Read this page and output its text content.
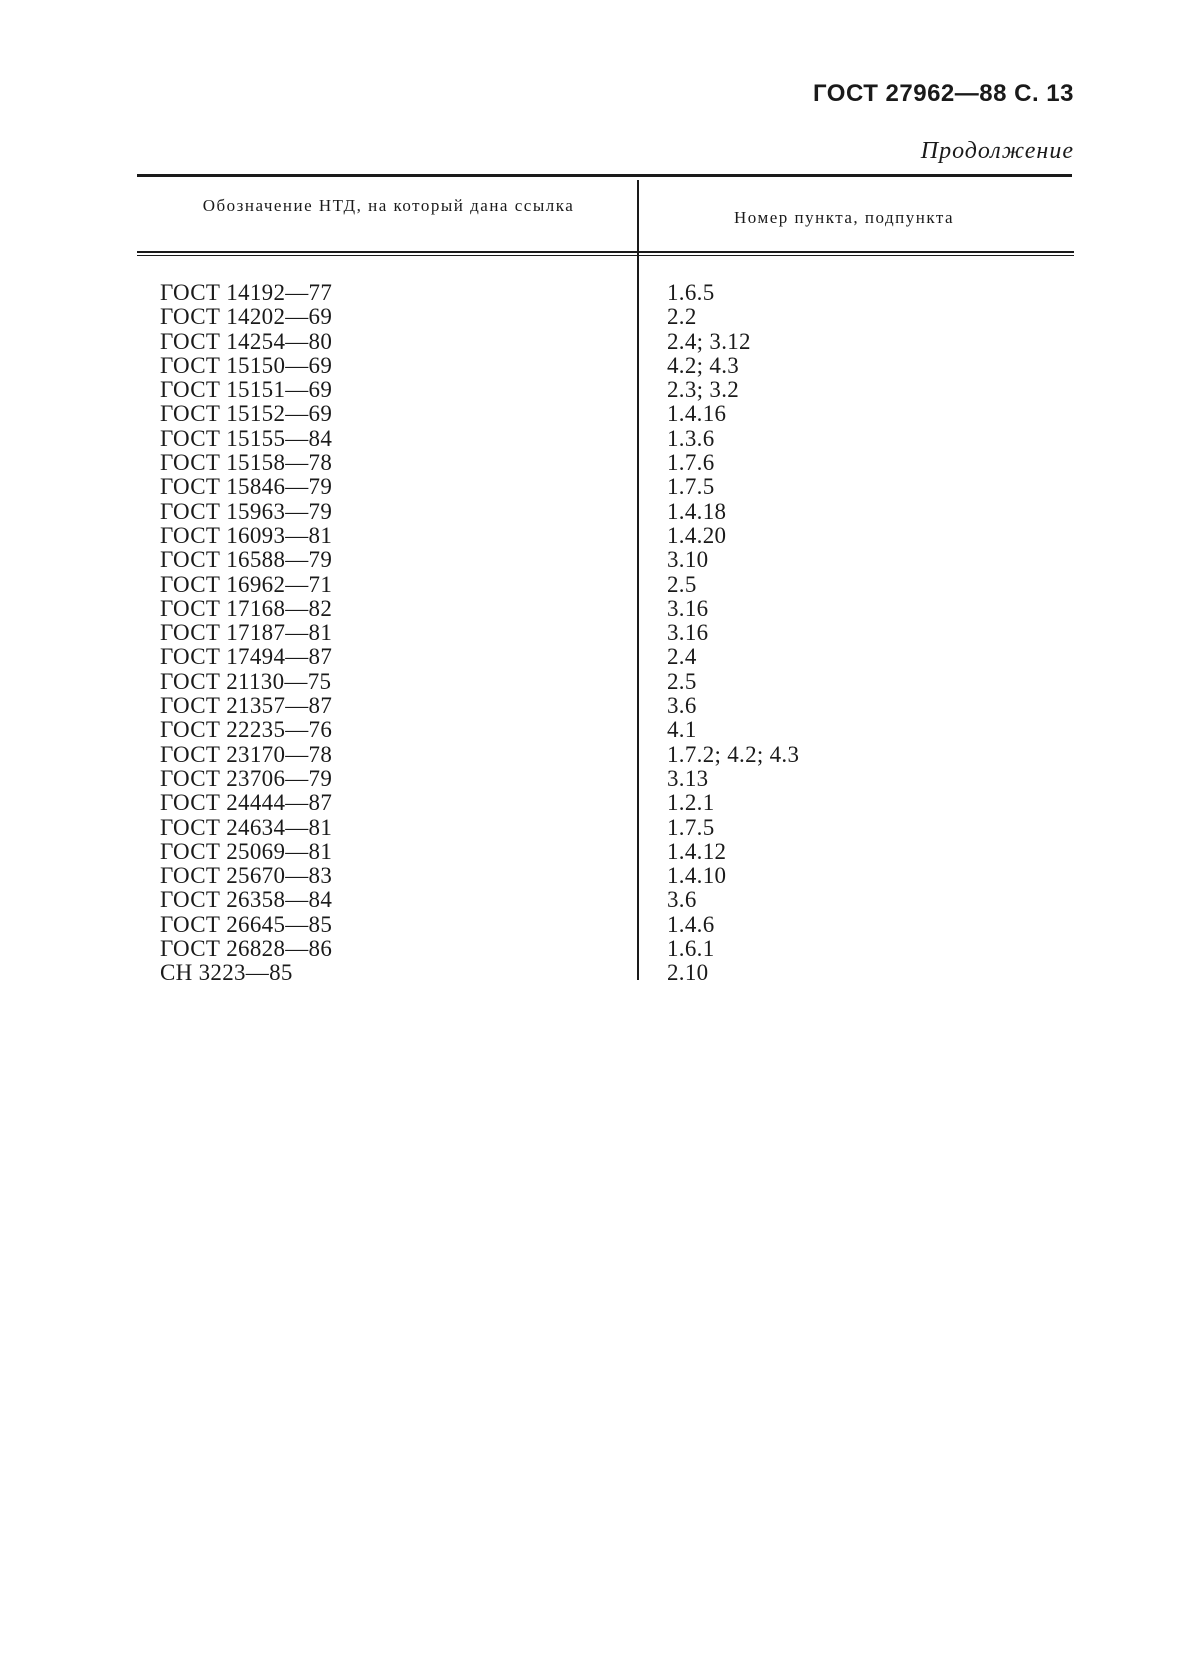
ГОСТ 27962—88 С. 13
Продолжение
Обозначение НТД, на который дана ссылка
Номер пункта, подпункта
ГОСТ 14192—77	1.6.5
ГОСТ 14202—69	2.2
ГОСТ 14254—80	2.4; 3.12
ГОСТ 15150—69	4.2; 4.3
ГОСТ 15151—69	2.3; 3.2
ГОСТ 15152—69	1.4.16
ГОСТ 15155—84	1.3.6
ГОСТ 15158—78	1.7.6
ГОСТ 15846—79	1.7.5
ГОСТ 15963—79	1.4.18
ГОСТ 16093—81	1.4.20
ГОСТ 16588—79	3.10
ГОСТ 16962—71	2.5
ГОСТ 17168—82	3.16
ГОСТ 17187—81	3.16
ГОСТ 17494—87	2.4
ГОСТ 21130—75	2.5
ГОСТ 21357—87	3.6
ГОСТ 22235—76	4.1
ГОСТ 23170—78	1.7.2; 4.2; 4.3
ГОСТ 23706—79	3.13
ГОСТ 24444—87	1.2.1
ГОСТ 24634—81	1.7.5
ГОСТ 25069—81	1.4.12
ГОСТ 25670—83	1.4.10
ГОСТ 26358—84	3.6
ГОСТ 26645—85	1.4.6
ГОСТ 26828—86	1.6.1
СН 3223—85	2.10
